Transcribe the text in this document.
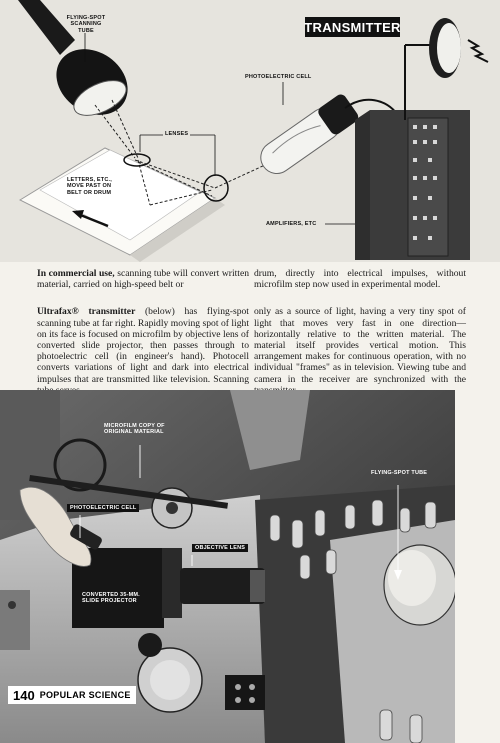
TRANSMITTER
FLYING-SPOT SCANNING TUBE
PHOTOELECTRIC CELL
LENSES
LETTERS, ETC., MOVE PAST ON BELT OR DRUM
AMPLIFIERS, ETC

In commercial use, scanning tube will convert written material, carried on high-speed belt or

Ultrafax® transmitter (below) has flying-spot scanning tube at far right. Rapidly moving spot of light on its face is focused on microfilm by objective lens of converted slide projector, then passes through to photoelectric cell (in engineer's hand). Photocell converts variations of light and dark into electrical impulses that are transmitted like television. Scanning

drum, directly into electrical impulses, without microfilm step now used in experimental model.

only as a source of light, having a very tiny spot of light that moves very fast in one direction—horizontally relative to the written material. The material itself provides vertical motion. This arrangement makes for continuous operation, with no individual "frames" as in television. Viewing tube and camera in the receiver are synchronized with the

MICROFILM COPY OF ORIGINAL MATERIAL
PHOTOELECTRIC CELL
OBJECTIVE LENS
CONVERTED 35-MM. SLIDE PROJECTOR
FLYING-SPOT TUBE
140 POPULAR SCIENCE
